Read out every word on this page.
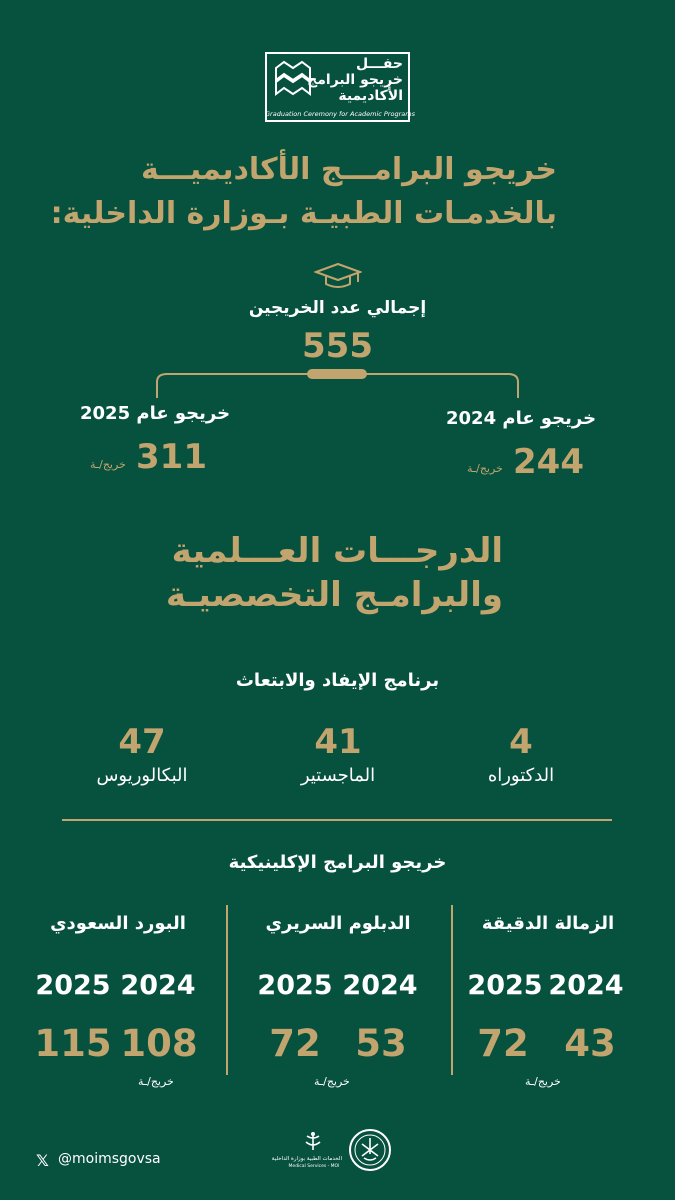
حفـــل
خريجو البرامج
الأكاديمية
Graduation Ceremony for Academic Programs
خريجو البرامـــج الأكاديميـــة
بالخدمـات الطبيـة بـوزارة الداخلية:
إجمالي عدد الخريجين
555
خريجو عام 2025
311
خريج/ـة
خريجو عام 2024
244
خريج/ـة
الدرجـــات العـــلمية
والبرامـج التخصصيـة
برنامج الإيفاد والابتعاث
4
الدكتوراه
41
الماجستير
47
البكالوريوس
خريجو البرامج الإكلينيكية
الزمالة الدقيقة
2024
2025
43
72
خريج/ـة
الدبلوم السريري
2024
2025
53
72
خريج/ـة
البورد السعودي
2024
2025
108
115
خريج/ـة
𝕏 @moimsgovsa	الخدمات الطبية بوزارة الداخلية
Medical Services - MOI
